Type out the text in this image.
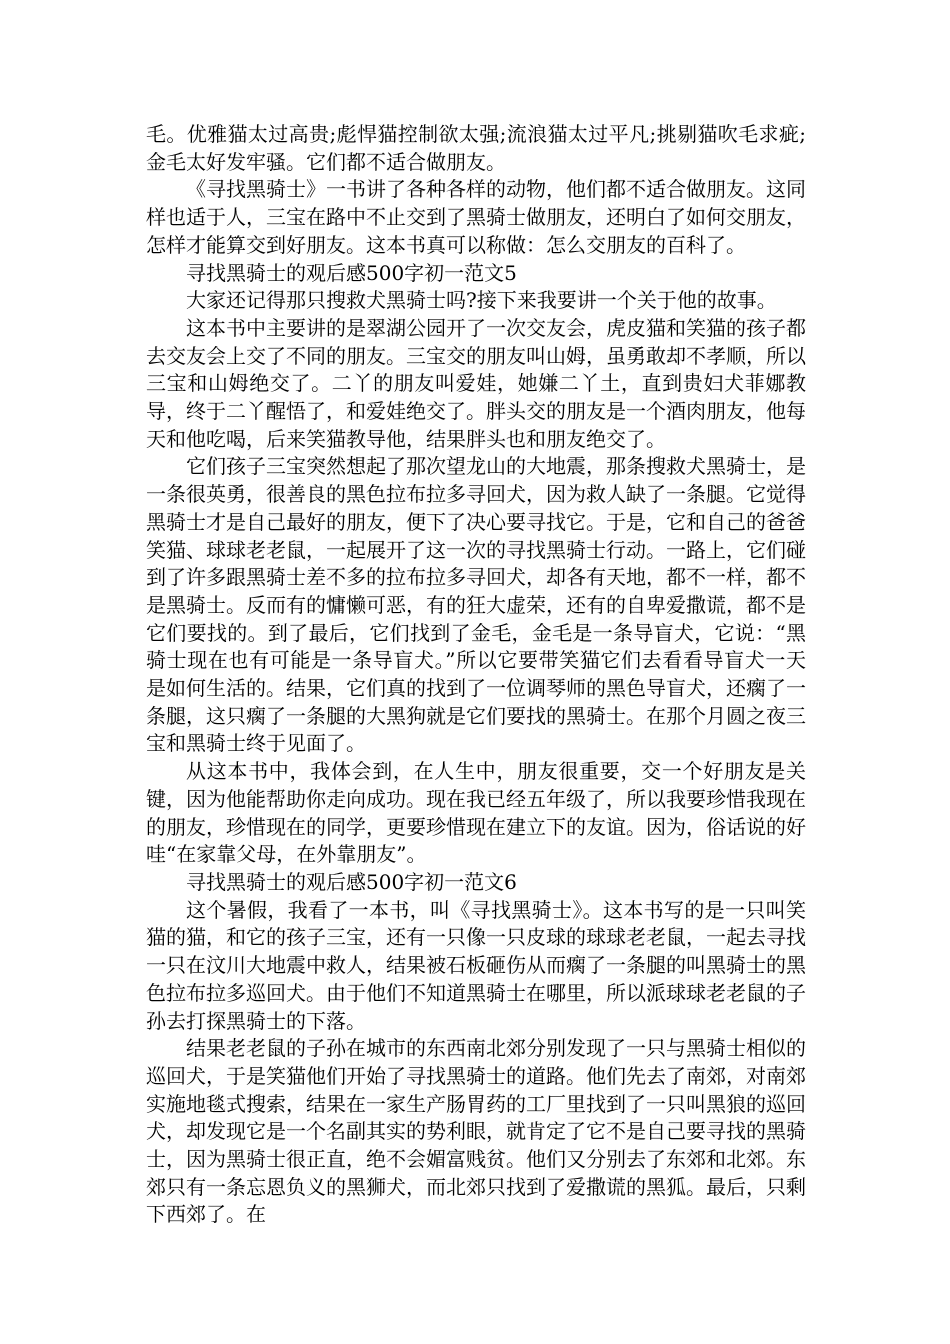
毛。优雅猫太过高贵;彪悍猫控制欲太强;流浪猫太过平凡;挑剔猫吹毛求疵;金毛太好发牢骚。它们都不适合做朋友。

《寻找黑骑士》一书讲了各种各样的动物，他们都不适合做朋友。这同样也适于人，三宝在路中不止交到了黑骑士做朋友，还明白了如何交朋友，怎样才能算交到好朋友。这本书真可以称做：怎么交朋友的百科了。

寻找黑骑士的观后感500字初一范文5

大家还记得那只搜救犬黑骑士吗?接下来我要讲一个关于他的故事。

这本书中主要讲的是翠湖公园开了一次交友会，虎皮猫和笑猫的孩子都去交友会上交了不同的朋友。三宝交的朋友叫山姆，虽勇敢却不孝顺，所以三宝和山姆绝交了。二丫的朋友叫爱娃，她嫌二丫土，直到贵妇犬菲娜教导，终于二丫醒悟了，和爱娃绝交了。胖头交的朋友是一个酒肉朋友，他每天和他吃喝，后来笑猫教导他，结果胖头也和朋友绝交了。

它们孩子三宝突然想起了那次望龙山的大地震，那条搜救犬黑骑士，是一条很英勇，很善良的黑色拉布拉多寻回犬，因为救人缺了一条腿。它觉得黑骑士才是自己最好的朋友，便下了决心要寻找它。于是，它和自己的爸爸笑猫、球球老老鼠，一起展开了这一次的寻找黑骑士行动。一路上，它们碰到了许多跟黑骑士差不多的拉布拉多寻回犬，却各有天地，都不一样，都不是黑骑士。反而有的慵懒可恶，有的狂大虚荣，还有的自卑爱撒谎，都不是它们要找的。到了最后，它们找到了金毛，金毛是一条导盲犬，它说：“黑骑士现在也有可能是一条导盲犬。”所以它要带笑猫它们去看看导盲犬一天是如何生活的。结果，它们真的找到了一位调琴师的黑色导盲犬，还瘸了一条腿，这只瘸了一条腿的大黑狗就是它们要找的黑骑士。在那个月圆之夜三宝和黑骑士终于见面了。

从这本书中，我体会到，在人生中，朋友很重要，交一个好朋友是关键，因为他能帮助你走向成功。现在我已经五年级了，所以我要珍惜我现在的朋友，珍惜现在的同学，更要珍惜现在建立下的友谊。因为，俗话说的好哇“在家靠父母，在外靠朋友”。

寻找黑骑士的观后感500字初一范文6

这个暑假，我看了一本书，叫《寻找黑骑士》。这本书写的是一只叫笑猫的猫，和它的孩子三宝，还有一只像一只皮球的球球老老鼠，一起去寻找一只在汶川大地震中救人，结果被石板砸伤从而瘸了一条腿的叫黑骑士的黑色拉布拉多巡回犬。由于他们不知道黑骑士在哪里，所以派球球老老鼠的子孙去打探黑骑士的下落。

结果老老鼠的子孙在城市的东西南北郊分别发现了一只与黑骑士相似的巡回犬，于是笑猫他们开始了寻找黑骑士的道路。他们先去了南郊，对南郊实施地毯式搜索，结果在一家生产肠胃药的工厂里找到了一只叫黑狼的巡回犬，却发现它是一个名副其实的势利眼，就肯定了它不是自己要寻找的黑骑士，因为黑骑士很正直，绝不会媚富贱贫。他们又分别去了东郊和北郊。东郊只有一条忘恩负义的黑狮犬，而北郊只找到了爱撒谎的黑狐。最后，只剩下西郊了。在
